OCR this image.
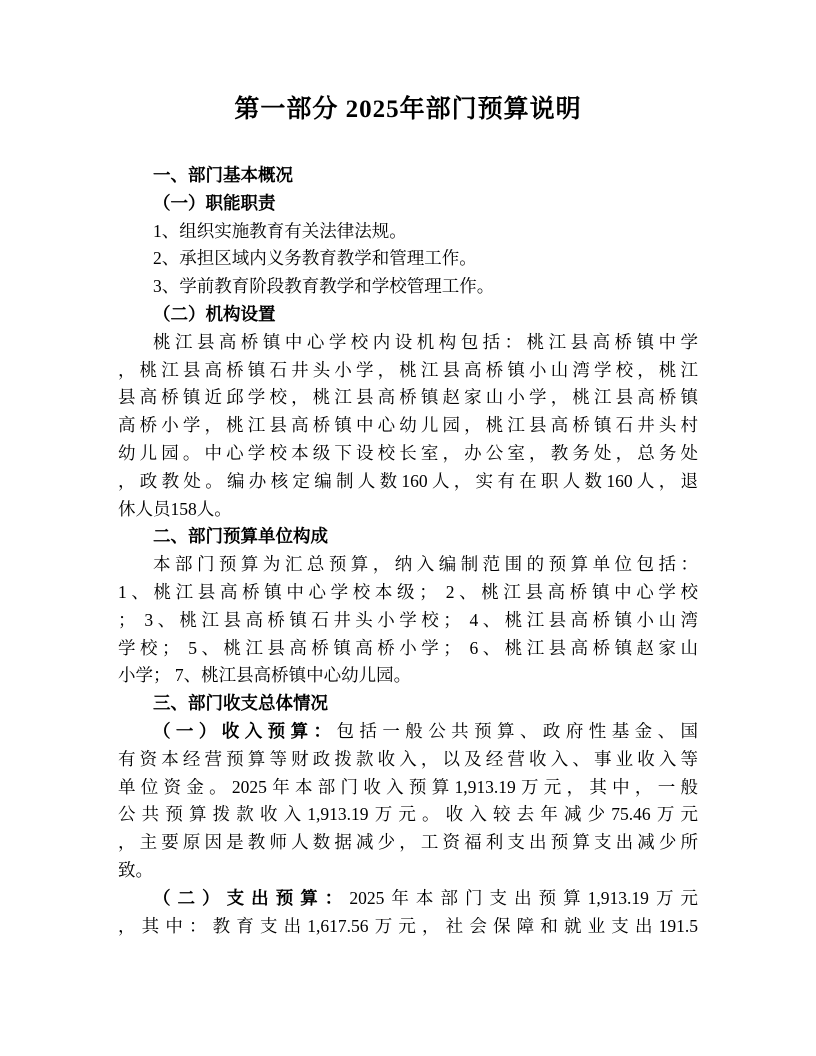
第一部分 2025年部门预算说明
一、部门基本概况
（一）职能职责
1、组织实施教育有关法律法规。
2、承担区域内义务教育教学和管理工作。
3、学前教育阶段教育教学和学校管理工作。
（二）机构设置
桃江县高桥镇中心学校内设机构包括：桃江县高桥镇中学
，桃江县高桥镇石井头小学，桃江县高桥镇小山湾学校，桃江
县高桥镇近邱学校，桃江县高桥镇赵家山小学，桃江县高桥镇
高桥小学，桃江县高桥镇中心幼儿园，桃江县高桥镇石井头村
幼儿园。中心学校本级下设校长室，办公室，教务处，总务处
，政教处。编办核定编制人数160人，实有在职人数160人，退
休人员158人。
二、部门预算单位构成
本部门预算为汇总预算，纳入编制范围的预算单位包括：
1、桃江县高桥镇中心学校本级； 2、桃江县高桥镇中心学校
； 3、桃江县高桥镇石井头小学校； 4、桃江县高桥镇小山湾
学校； 5、桃江县高桥镇高桥小学； 6、桃江县高桥镇赵家山
小学； 7、桃江县高桥镇中心幼儿园。
三、部门收支总体情况
（一）收入预算：包括一般公共预算、政府性基金、国
有资本经营预算等财政拨款收入，以及经营收入、事业收入等
单位资金。2025年本部门收入预算1,913.19万元，其中，一般
公共预算拨款收入1,913.19万元。收入较去年减少75.46万元
，主要原因是教师人数据减少，工资福利支出预算支出减少所
致。
（二）支出预算：2025年本部门支出预算1,913.19万元
，其中：教育支出1,617.56万元，社会保障和就业支出191.5
